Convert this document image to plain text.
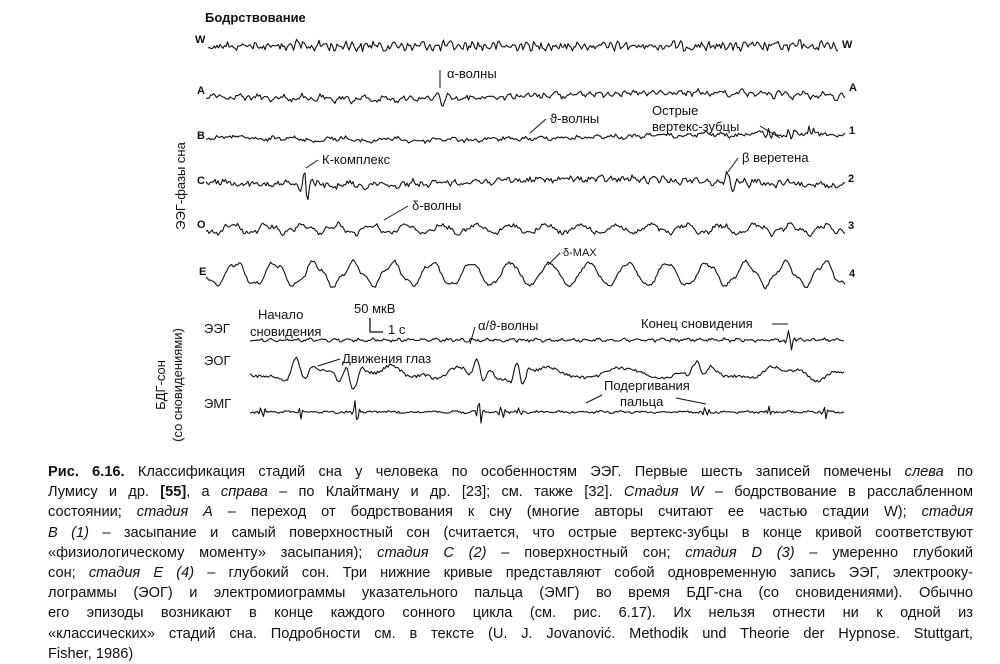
Бодрствование
ЭЭГ-фазы сна
БДГ-сон (со сновидениями)
W	W
A	A
B	1
C	2
O	3
E	4
α-волны
ϑ-волны
Острые
вертекс-зубцы
К-комплекс	β веретена
δ-волны
δ-MAX
50 мкВ
1 с
ЭЭГ
ЭОГ
ЭМГ
Начало
сновидения	α/ϑ-волны	Конец сновидения
Движения глаз
Подергивания
пальца
Рис. 6.16. Классификация стадий сна у человека по особенностям ЭЭГ. Первые шесть записей помечены слева по
Лумису и др. [55], а справа – по Клайтману и др. [23]; см. также [32]. Стадия W – бодрствование в расслабленном
состоянии; стадия A – переход от бодрствования к сну (многие авторы считают ее частью стадии W); стадия
B (1) – засыпание и самый поверхностный сон (считается, что острые вертекс-зубцы в конце кривой соответствуют
«физиологическому моменту» засыпания); стадия C (2) – поверхностный сон; стадия D (3) – умеренно глубокий
сон; стадия E (4) – глубокий сон. Три нижние кривые представляют собой одновременную запись ЭЭГ, электрооку-
лограммы (ЭОГ) и электромиограммы указательного пальца (ЭМГ) во время БДГ-сна (со сновидениями). Обычно
его эпизоды возникают в конце каждого сонного цикла (см. рис. 6.17). Их нельзя отнести ни к одной из
«классических» стадий сна. Подробности см. в тексте (U. J. Jovanović. Methodik und Theorie der Hypnose. Stuttgart,
Fisher, 1986)
